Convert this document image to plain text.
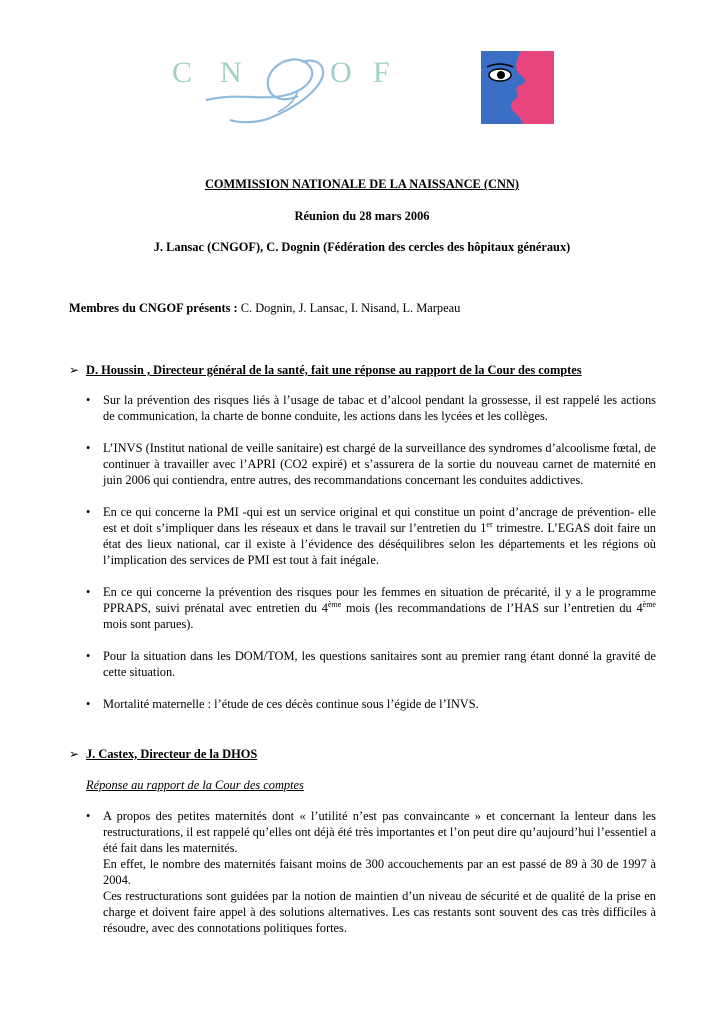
C N	O F
COMMISSION NATIONALE DE LA NAISSANCE (CNN)
Réunion du 28 mars 2006
J. Lansac (CNGOF), C. Dognin (Fédération des cercles des hôpitaux généraux)
Membres du CNGOF présents : C. Dognin, J. Lansac, I. Nisand, L. Marpeau
➢ D. Houssin , Directeur général de la santé, fait une réponse au rapport de la Cour des comptes
• Sur la prévention des risques liés à l’usage de tabac et d’alcool pendant la grossesse, il est rappelé les actions de communication, la charte de bonne conduite, les actions dans les lycées et les collèges.
• L’INVS (Institut national de veille sanitaire) est chargé de la surveillance des syndromes d’alcoolisme fœtal, de continuer à travailler avec l’APRI (CO2 expiré) et s’assurera de la sortie du nouveau carnet de maternité en juin 2006 qui contiendra, entre autres, des recommandations concernant les conduites addictives.
• En ce qui concerne la PMI -qui est un service original et qui constitue un point d’ancrage de prévention- elle est et doit s’impliquer dans les réseaux et dans le travail sur l’entretien du 1er trimestre. L’EGAS doit faire un état des lieux national, car il existe à l’évidence des déséquilibres selon les départements et les régions où l’implication des services de PMI est tout à fait inégale.
• En ce qui concerne la prévention des risques pour les femmes en situation de précarité, il y a le programme PPRAPS, suivi prénatal avec entretien du 4ème mois (les recommandations de l’HAS sur l’entretien du 4ème mois sont parues).
• Pour la situation dans les DOM/TOM, les questions sanitaires sont au premier rang étant donné la gravité de cette situation.
• Mortalité maternelle : l’étude de ces décès continue sous l’égide de l’INVS.
➢ J. Castex, Directeur de la DHOS
Réponse au rapport de la Cour des comptes
• A propos des petites maternités dont « l’utilité n’est pas convaincante » et concernant la lenteur dans les restructurations, il est rappelé qu’elles ont déjà été très importantes et l’on peut dire qu’aujourd’hui l’essentiel a été fait dans les maternités.

En effet, le nombre des maternités faisant moins de 300 accouchements par an est passé de 89 à 30 de 1997 à 2004.

Ces restructurations sont guidées par la notion de maintien d’un niveau de sécurité et de qualité de la prise en charge et doivent faire appel à des solutions alternatives. Les cas restants sont souvent des cas très difficiles à résoudre, avec des connotations politiques fortes.
